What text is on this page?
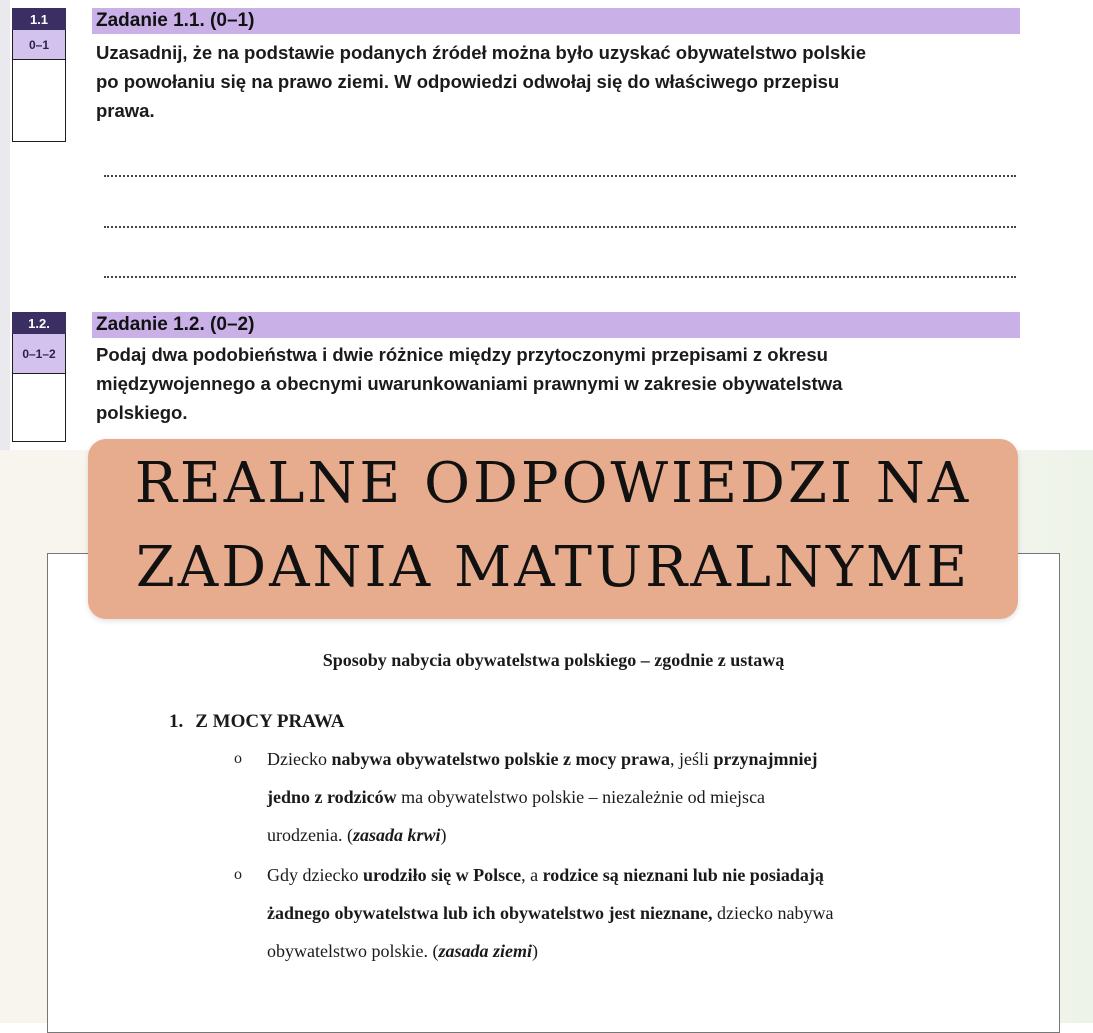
1.1
0–1
Zadanie 1.1. (0–1)
Uzasadnij, że na podstawie podanych źródeł można było uzyskać obywatelstwo polskie
po powołaniu się na prawo ziemi. W odpowiedzi odwołaj się do właściwego przepisu
prawa.
1.2.
0–1–2
Zadanie 1.2. (0–2)
Podaj dwa podobieństwa i dwie różnice między przytoczonymi przepisami z okresu
międzywojennego a obecnymi uwarunkowaniami prawnymi w zakresie obywatelstwa
polskiego.
Sposoby nabycia obywatelstwa polskiego – zgodnie z ustawą
1. Z MOCY PRAWA
o	Dziecko nabywa obywatelstwo polskie z mocy prawa, jeśli przynajmniej
jedno z rodziców ma obywatelstwo polskie – niezależnie od miejsca
urodzenia. (zasada krwi)
o	Gdy dziecko urodziło się w Polsce, a rodzice są nieznani lub nie posiadają
żadnego obywatelstwa lub ich obywatelstwo jest nieznane, dziecko nabywa
obywatelstwo polskie. (zasada ziemi)
REALNE ODPOWIEDZI NA
ZADANIA MATURALNYME
